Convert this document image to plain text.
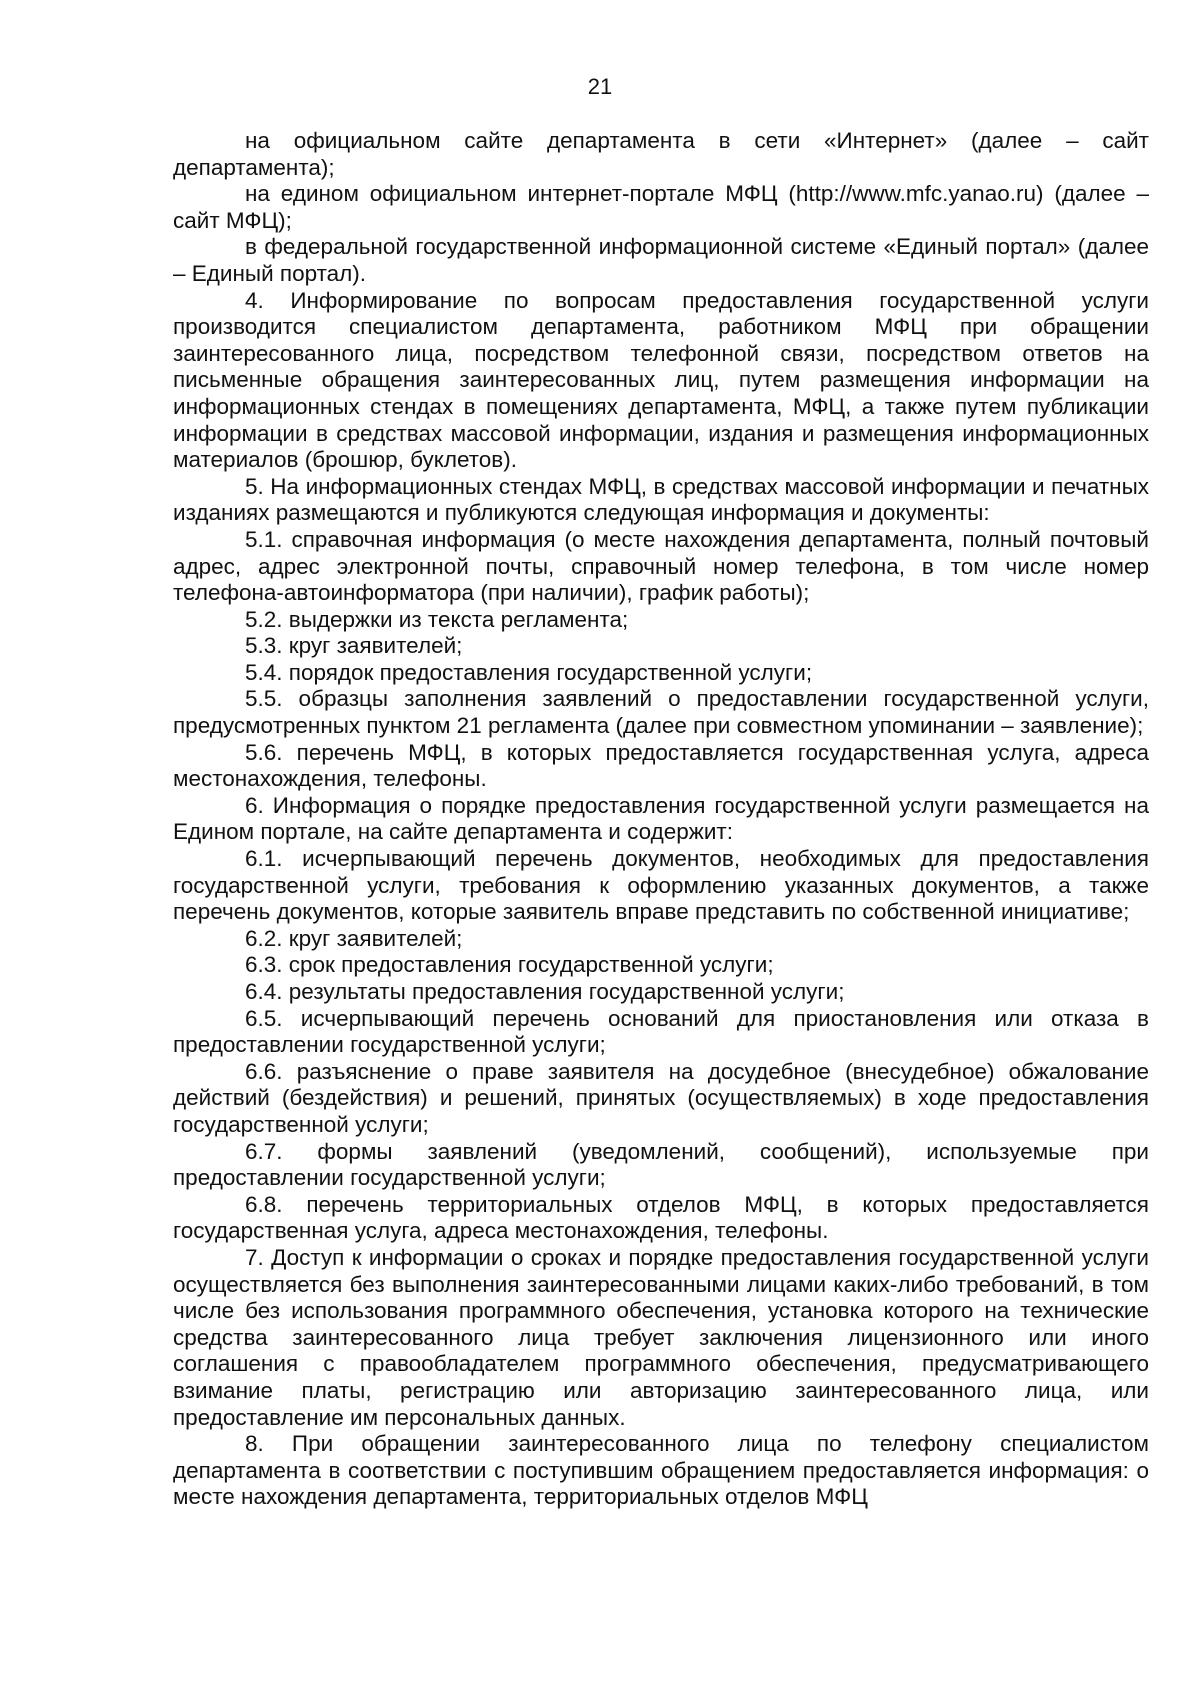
21

на официальном сайте департамента в сети «Интернет» (далее – сайт департамента);

на едином официальном интернет-портале МФЦ (http://www.mfc.yanao.ru) (далее – сайт МФЦ);

в федеральной государственной информационной системе «Единый портал» (далее – Единый портал).

4. Информирование по вопросам предоставления государственной услуги производится специалистом департамента, работником МФЦ при обращении заинтересованного лица, посредством телефонной связи, посредством ответов на письменные обращения заинтересованных лиц, путем размещения информации на информационных стендах в помещениях департамента, МФЦ, а также путем публикации информации в средствах массовой информации, издания и размещения информационных материалов (брошюр, буклетов).

5. На информационных стендах МФЦ, в средствах массовой информации и печатных изданиях размещаются и публикуются следующая информация и документы:

5.1. справочная информация (о месте нахождения департамента, полный почтовый адрес, адрес электронной почты, справочный номер телефона, в том числе номер телефона-автоинформатора (при наличии), график работы);

5.2. выдержки из текста регламента;

5.3. круг заявителей;

5.4. порядок предоставления государственной услуги;

5.5. образцы заполнения заявлений о предоставлении государственной услуги, предусмотренных пунктом 21 регламента (далее при совместном упоминании – заявление);

5.6. перечень МФЦ, в которых предоставляется государственная услуга, адреса местонахождения, телефоны.

6. Информация о порядке предоставления государственной услуги размещается на Едином портале, на сайте департамента и содержит:

6.1. исчерпывающий перечень документов, необходимых для предоставления государственной услуги, требования к оформлению указанных документов, а также перечень документов, которые заявитель вправе представить по собственной инициативе;

6.2. круг заявителей;

6.3. срок предоставления государственной услуги;

6.4. результаты предоставления государственной услуги;

6.5. исчерпывающий перечень оснований для приостановления или отказа в предоставлении государственной услуги;

6.6. разъяснение о праве заявителя на досудебное (внесудебное) обжалование действий (бездействия) и решений, принятых (осуществляемых) в ходе предоставления государственной услуги;

6.7. формы заявлений (уведомлений, сообщений), используемые при предоставлении государственной услуги;

6.8. перечень территориальных отделов МФЦ, в которых предоставляется государственная услуга, адреса местонахождения, телефоны.

7. Доступ к информации о сроках и порядке предоставления государственной услуги осуществляется без выполнения заинтересованными лицами каких-либо требований, в том числе без использования программного обеспечения, установка которого на технические средства заинтересованного лица требует заключения лицензионного или иного соглашения с правообладателем программного обеспечения, предусматривающего взимание платы, регистрацию или авторизацию заинтересованного лица, или предоставление им персональных данных.

8. При обращении заинтересованного лица по телефону специалистом департамента в соответствии с поступившим обращением предоставляется информация: о месте нахождения департамента, территориальных отделов МФЦ
